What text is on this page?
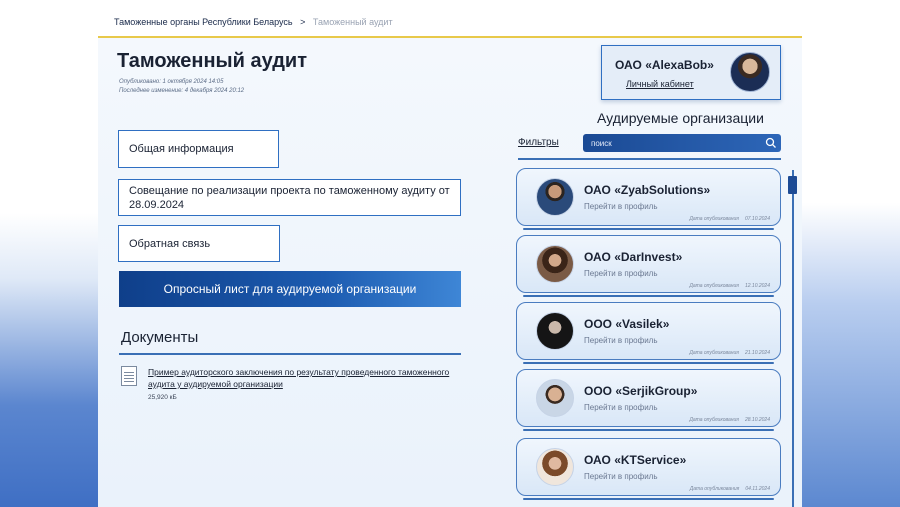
Таможенные органы Республики Беларусь > Таможенный аудит
Таможенный аудит
Опубликовано: 1 октября 2024 14:05
Последнее изменение: 4 декабря 2024 20:12
Общая информация
Совещание по реализации проекта по таможенному аудиту от 28.09.2024
Обратная связь
Опросный лист для аудируемой организации
Документы
Пример аудиторского заключения по результату проведенного таможенного аудита у аудируемой организации
25,920 кБ
ОАО «AlexaBob»
Личный кабинет
Аудируемые организации
Фильтры
поиск
ОАО «ZyabSolutions»
Перейти в профиль
Дата опубликования 07.10.2024
ОАО «DarInvest»
Перейти в профиль
Дата опубликования 12.10.2024
ООО «Vasilek»
Перейти в профиль
Дата опубликования 21.10.2024
ООО «SerjikGroup»
Перейти в профиль
Дата опубликования 28.10.2024
ОАО «KTService»
Перейти в профиль
Дата опубликования 04.11.2024
